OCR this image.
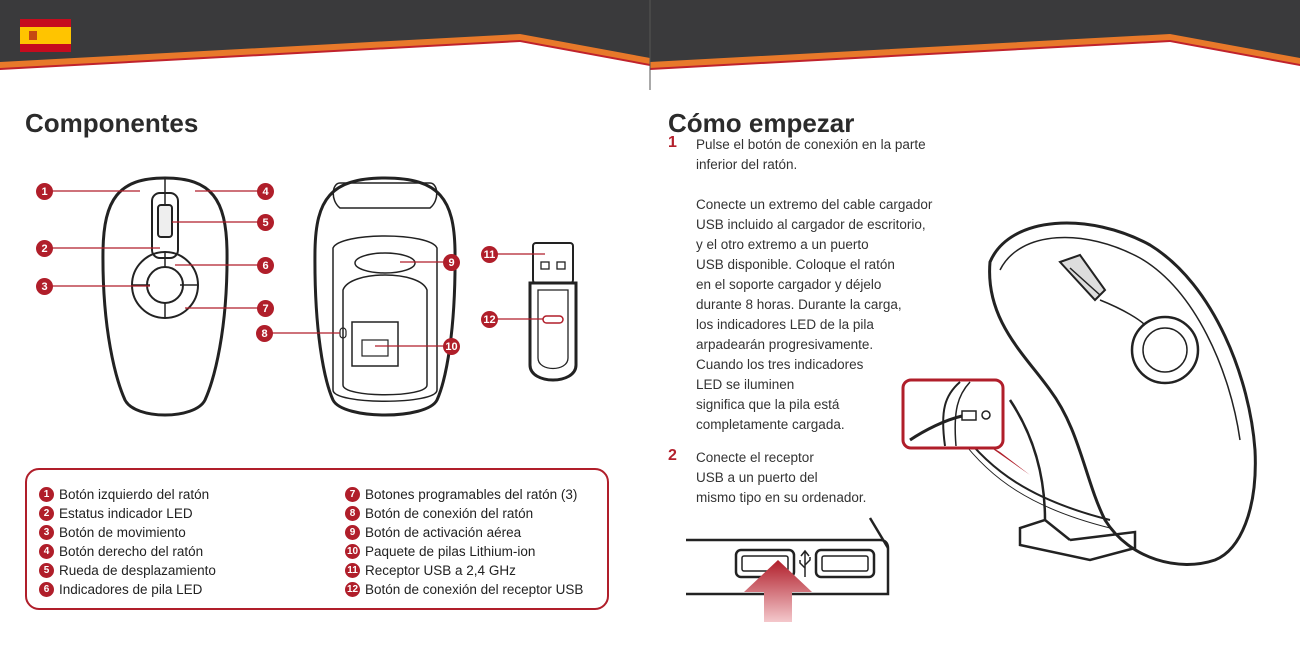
Componentes	Cómo empezar
1
2
3
4
5
6
7
8
9
10
11
12
1 Botón izquierdo del ratón
2 Estatus indicador LED
3 Botón de movimiento
4 Botón derecho del ratón
5 Rueda de desplazamiento
6 Indicadores de pila LED
7 Botones programables del ratón (3)
8 Botón de conexión del ratón
9 Botón de activación aérea
10 Paquete de pilas Lithium-ion
11 Receptor USB a 2,4 GHz
12 Botón de conexión del receptor USB
1 Pulse el botón de conexión en la parte
inferior del ratón.

Conecte un extremo del cable cargador
USB incluido al cargador de escritorio,
y el otro extremo a un puerto
USB disponible. Coloque el ratón
en el soporte cargador y déjelo
durante 8 horas. Durante la carga,
los indicadores LED de la pila
arpadearán progresivamente.
Cuando los tres indicadores
LED se iluminen
significa que la pila está
completamente cargada.
2 Conecte el receptor
USB a un puerto del
mismo tipo en su ordenador.
